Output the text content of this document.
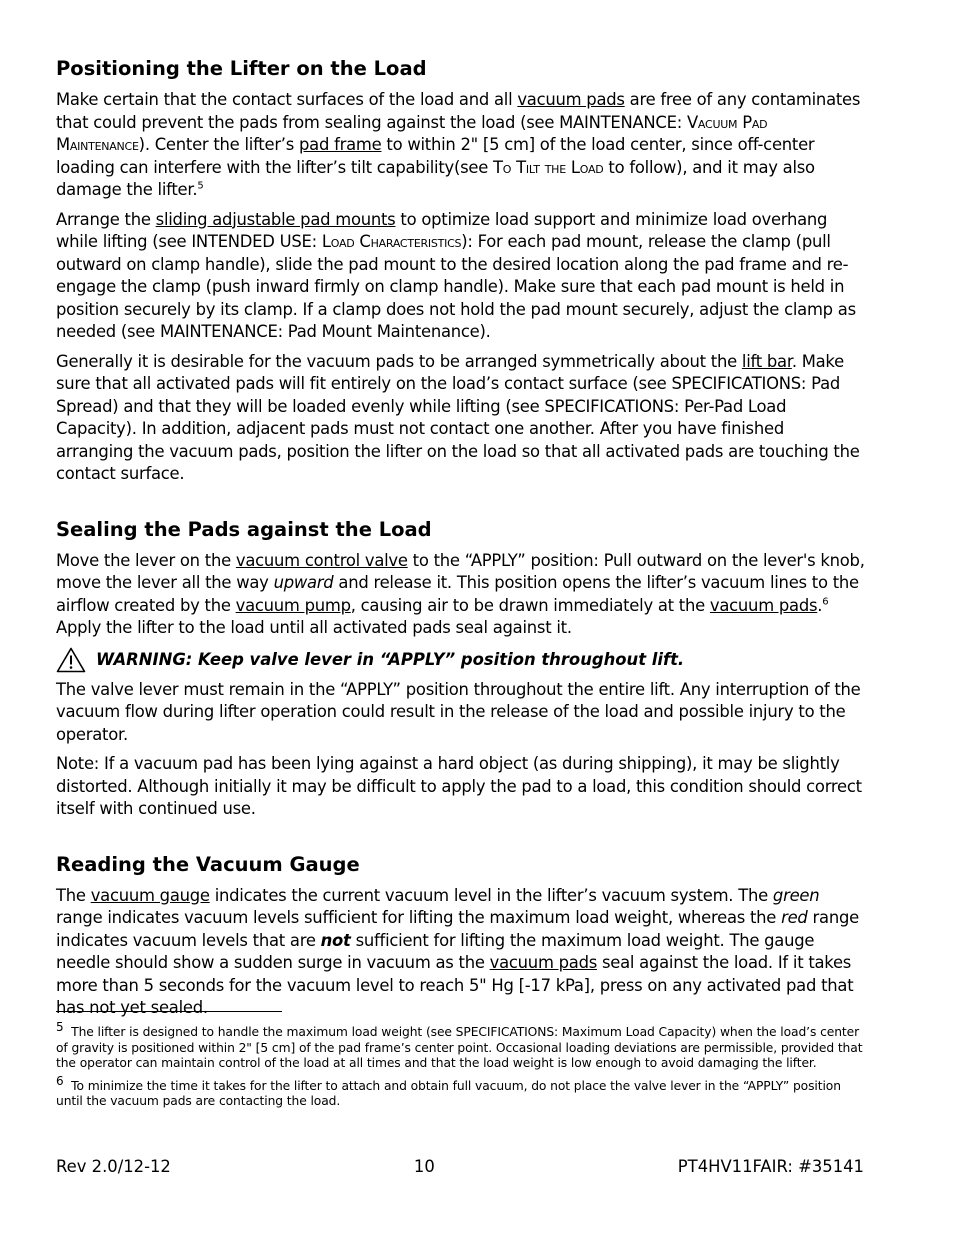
Positioning the Lifter on the Load

Make certain that the contact surfaces of the load and all vacuum pads are free of any contaminates that could prevent the pads from sealing against the load (see MAINTENANCE: Vacuum Pad Maintenance). Center the lifter’s pad frame to within 2" [5 cm] of the load center, since off-center loading can interfere with the lifter’s tilt capability(see To Tilt the Load to follow), and it may also damage the lifter.$^5$

Arrange the sliding adjustable pad mounts to optimize load support and minimize load overhang while lifting (see INTENDED USE: Load Characteristics): For each pad mount, release the clamp (pull outward on clamp handle), slide the pad mount to the desired location along the pad frame and re-engage the clamp (push inward firmly on clamp handle). Make sure that each pad mount is held in position securely by its clamp. If a clamp does not hold the pad mount securely, adjust the clamp as needed (see MAINTENANCE: Pad Mount Maintenance).

Generally it is desirable for the vacuum pads to be arranged symmetrically about the lift bar. Make sure that all activated pads will fit entirely on the load’s contact surface (see SPECIFICATIONS: Pad Spread) and that they will be loaded evenly while lifting (see SPECIFICATIONS: Per-Pad Load Capacity). In addition, adjacent pads must not contact one another. After you have finished arranging the vacuum pads, position the lifter on the load so that all activated pads are touching the contact surface.

Sealing the Pads against the Load

Move the lever on the vacuum control valve to the “APPLY” position: Pull outward on the lever's knob, move the lever all the way upward and release it. This position opens the lifter’s vacuum lines to the airflow created by the vacuum pump, causing air to be drawn immediately at the vacuum pads.$^6$ Apply the lifter to the load until all activated pads seal against it.

WARNING: Keep valve lever in “APPLY” position throughout lift.

The valve lever must remain in the “APPLY” position throughout the entire lift. Any interruption of the vacuum flow during lifter operation could result in the release of the load and possible injury to the operator.

Note: If a vacuum pad has been lying against a hard object (as during shipping), it may be slightly distorted. Although initially it may be difficult to apply the pad to a load, this condition should correct itself with continued use.

Reading the Vacuum Gauge

The vacuum gauge indicates the current vacuum level in the lifter’s vacuum system. The green range indicates vacuum levels sufficient for lifting the maximum load weight, whereas the red range indicates vacuum levels that are not sufficient for lifting the maximum load weight. The gauge needle should show a sudden surge in vacuum as the vacuum pads seal against the load. If it takes more than 5 seconds for the vacuum level to reach 5" Hg [-17 kPa], press on any activated pad that has not yet sealed.

$^5$ The lifter is designed to handle the maximum load weight (see SPECIFICATIONS: Maximum Load Capacity) when the load’s center of gravity is positioned within 2" [5 cm] of the pad frame’s center point. Occasional loading deviations are permissible, provided that the operator can maintain control of the load at all times and that the load weight is low enough to avoid damaging the lifter.

$^6$ To minimize the time it takes for the lifter to attach and obtain full vacuum, do not place the valve lever in the “APPLY” position until the vacuum pads are contacting the load.

Rev 2.0/12-12	10	PT4HV11FAIR: #35141
